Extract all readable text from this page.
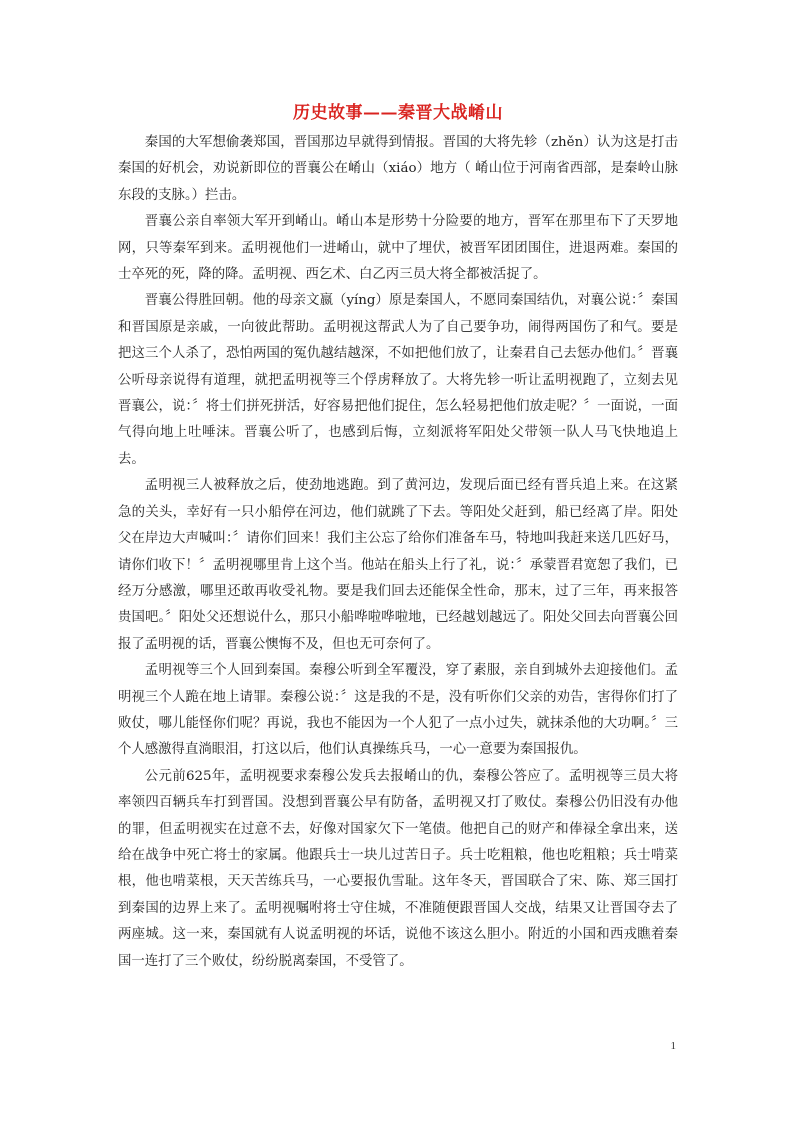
历史故事——秦晋大战崤山

秦国的大军想偷袭郑国，晋国那边早就得到情报。晋国的大将先轸（zhěn）认为这是打击秦国的好机会，劝说新即位的晋襄公在崤山（xiáo）地方（ 崤山位于河南省西部，是秦岭山脉东段的支脉。）拦击。

晋襄公亲自率领大军开到崤山。崤山本是形势十分险要的地方，晋军在那里布下了天罗地网，只等秦军到来。孟明视他们一进崤山，就中了埋伏，被晋军团团围住，进退两难。秦国的士卒死的死，降的降。孟明视、西乞术、白乙丙三员大将全都被活捉了。

晋襄公得胜回朝。他的母亲文嬴（yíng）原是秦国人，不愿同秦国结仇，对襄公说：〞秦国和晋国原是亲戚，一向彼此帮助。孟明视这帮武人为了自己要争功，闹得两国伤了和气。要是把这三个人杀了，恐怕两国的冤仇越结越深，不如把他们放了，让秦君自己去惩办他们。〞晋襄公听母亲说得有道理，就把孟明视等三个俘虏释放了。大将先轸一听让孟明视跑了，立刻去见晋襄公，说：〞将士们拼死拼活，好容易把他们捉住，怎么轻易把他们放走呢？〞一面说，一面气得向地上吐唾沫。晋襄公听了，也感到后悔，立刻派将军阳处父带领一队人马飞快地追上去。

孟明视三人被释放之后，使劲地逃跑。到了黄河边，发现后面已经有晋兵追上来。在这紧急的关头，幸好有一只小船停在河边，他们就跳了下去。等阳处父赶到，船已经离了岸。阳处父在岸边大声喊叫：〞请你们回来！我们主公忘了给你们准备车马，特地叫我赶来送几匹好马，请你们收下！〞孟明视哪里肯上这个当。他站在船头上行了礼，说：〞承蒙晋君宽恕了我们，已经万分感激，哪里还敢再收受礼物。要是我们回去还能保全性命，那末，过了三年，再来报答贵国吧。〞阳处父还想说什么，那只小船哗啦哗啦地，已经越划越远了。阳处父回去向晋襄公回报了孟明视的话，晋襄公懊悔不及，但也无可奈何了。

孟明视等三个人回到秦国。秦穆公听到全军覆没，穿了素服，亲自到城外去迎接他们。孟明视三个人跪在地上请罪。秦穆公说：〞这是我的不是，没有听你们父亲的劝告，害得你们打了败仗，哪儿能怪你们呢？再说，我也不能因为一个人犯了一点小过失，就抹杀他的大功啊。〞三个人感激得直淌眼泪，打这以后，他们认真操练兵马，一心一意要为秦国报仇。

公元前625年，孟明视要求秦穆公发兵去报崤山的仇，秦穆公答应了。孟明视等三员大将率领四百辆兵车打到晋国。没想到晋襄公早有防备，孟明视又打了败仗。秦穆公仍旧没有办他的罪，但孟明视实在过意不去，好像对国家欠下一笔债。他把自己的财产和俸禄全拿出来，送给在战争中死亡将士的家属。他跟兵士一块儿过苦日子。兵士吃粗粮，他也吃粗粮；兵士啃菜根，他也啃菜根，天天苦练兵马，一心要报仇雪耻。这年冬天，晋国联合了宋、陈、郑三国打到秦国的边界上来了。孟明视嘱咐将士守住城，不准随便跟晋国人交战，结果又让晋国夺去了两座城。这一来，秦国就有人说孟明视的坏话，说他不该这么胆小。附近的小国和西戎瞧着秦国一连打了三个败仗，纷纷脱离秦国，不受管了。

1
